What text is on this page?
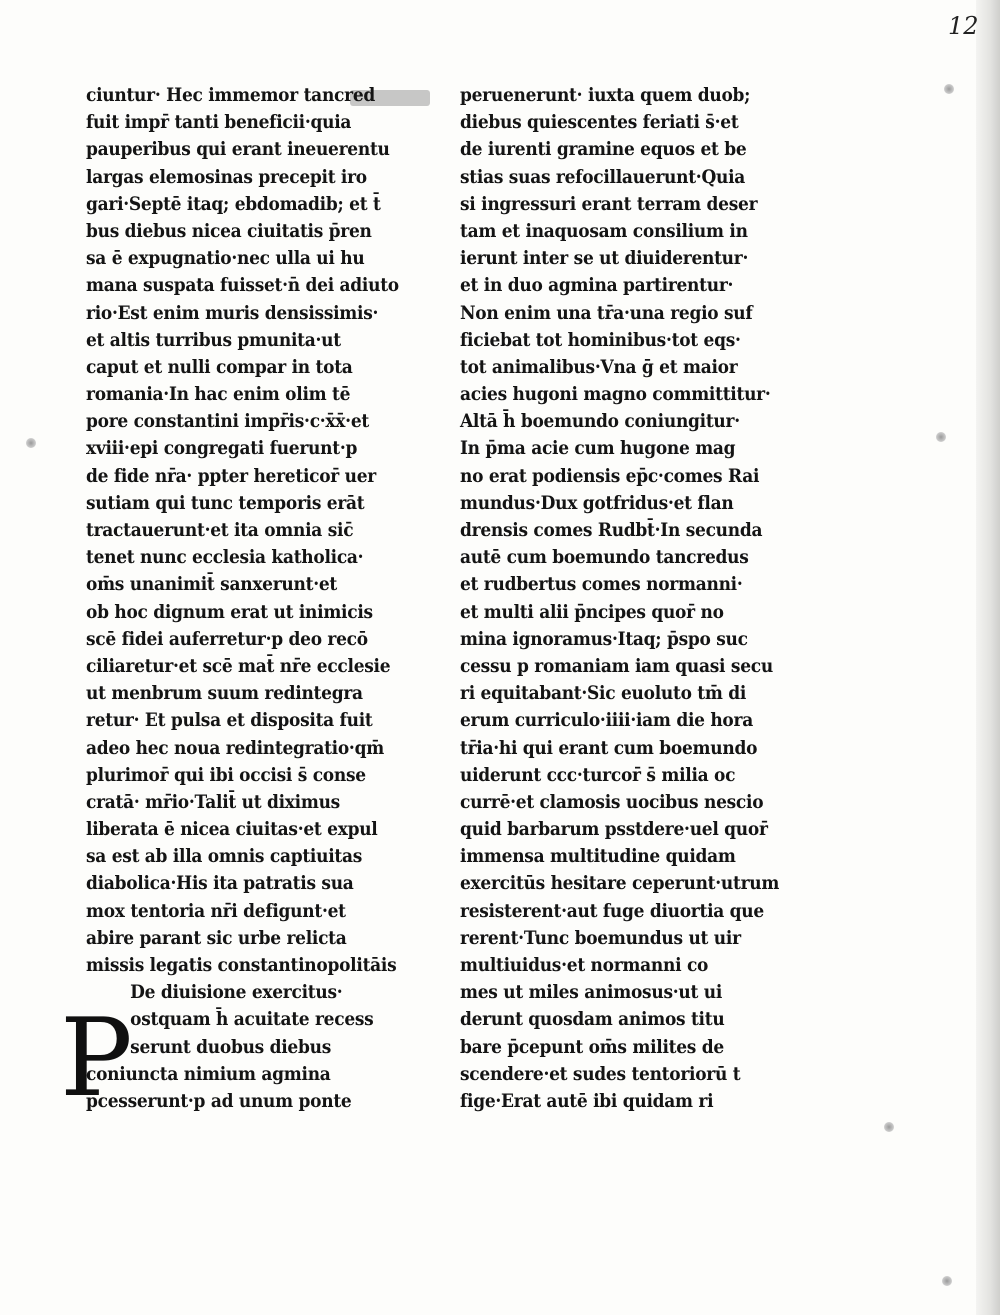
12
ciuntur· Hec immemor tancred
fuit impr̄ tanti beneficii·quia
pauperibus qui erant ineuerentu
largas elemosinas precepit iro
gari·Septē itaq; ebdomadib; et t̄
bus diebus nicea ciuitatis p̄ren
sa ē expugnatio·nec ulla ui hu
mana suspata fuisset·n̄ dei adiuto
rio·Est enim muris densissimis·
et altis turribus pmunita·ut
caput et nulli compar in tota
romania·In hac enim olim tē
pore constantini impr̄is·c·x̄x̄·et
xviii·epi congregati fuerunt·p
de fide nr̄a· ppter hereticor̄ uer
sutiam qui tunc temporis erāt
tractauerunt·et ita omnia sic̄
tenet nunc ecclesia katholica·
om̄s unanimit̄ sanxerunt·et
ob hoc dignum erat ut inimicis
scē fidei auferretur·p deo recō
ciliaretur·et scē mat̄ nr̄e ecclesie
ut menbrum suum redintegra
retur· Et pulsa et disposita fuit
adeo hec noua redintegratio·qm̄
plurimor̄ qui ibi occisi s̄ conse
cratā· mr̄io·Talit̄ ut diximus
liberata ē nicea ciuitas·et expul
sa est ab illa omnis captiuitas
diabolica·His ita patratis sua
mox tentoria nr̄i defigunt·et
abire parant sic urbe relicta
missis legatis constantinopolitāis
De diuisione exercitus·
ostquam h̄ acuitate recess
serunt duobus diebus
coniuncta nimium agmina
pcesserunt·p ad unum ponte
peruenerunt· iuxta quem duob;
diebus quiescentes feriati s̄·et
de iurenti gramine equos et be
stias suas refocillauerunt·Quia
si ingressuri erant terram deser
tam et inaquosam consilium in
ierunt inter se ut diuiderentur·
et in duo agmina partirentur·
Non enim una tr̄a·una regio suf
ficiebat tot hominibus·tot eqs·
tot animalibus·Vna ḡ et maior
acies hugoni magno committitur·
Altā h̄ boemundo coniungitur·
In p̄ma acie cum hugone mag
no erat podiensis ep̄c·comes Rai
mundus·Dux gotfridus·et flan
drensis comes Rudbt̄·In secunda
autē cum boemundo tancredus
et rudbertus comes normanni·
et multi alii p̄ncipes quor̄ no
mina ignoramus·Itaq; p̄spo suc
cessu p romaniam iam quasi secu
ri equitabant·Sic euoluto tm̄ di
erum curriculo·iiii·iam die hora
tr̄ia·hi qui erant cum boemundo
uiderunt ccc·turcor̄ s̄ milia oc
currē·et clamosis uocibus nescio
quid barbarum psstdere·uel quor̄
immensa multitudine quidam
exercitūs hesitare ceperunt·utrum
resisterent·aut fuge diuortia que
rerent·Tunc boemundus ut uir
multiuidus·et normanni co
mes ut miles animosus·ut ui
derunt quosdam animos titu
bare p̄cepunt om̄s milites de
scendere·et sudes tentoriorū t
fige·Erat autē ibi quidam ri
P
